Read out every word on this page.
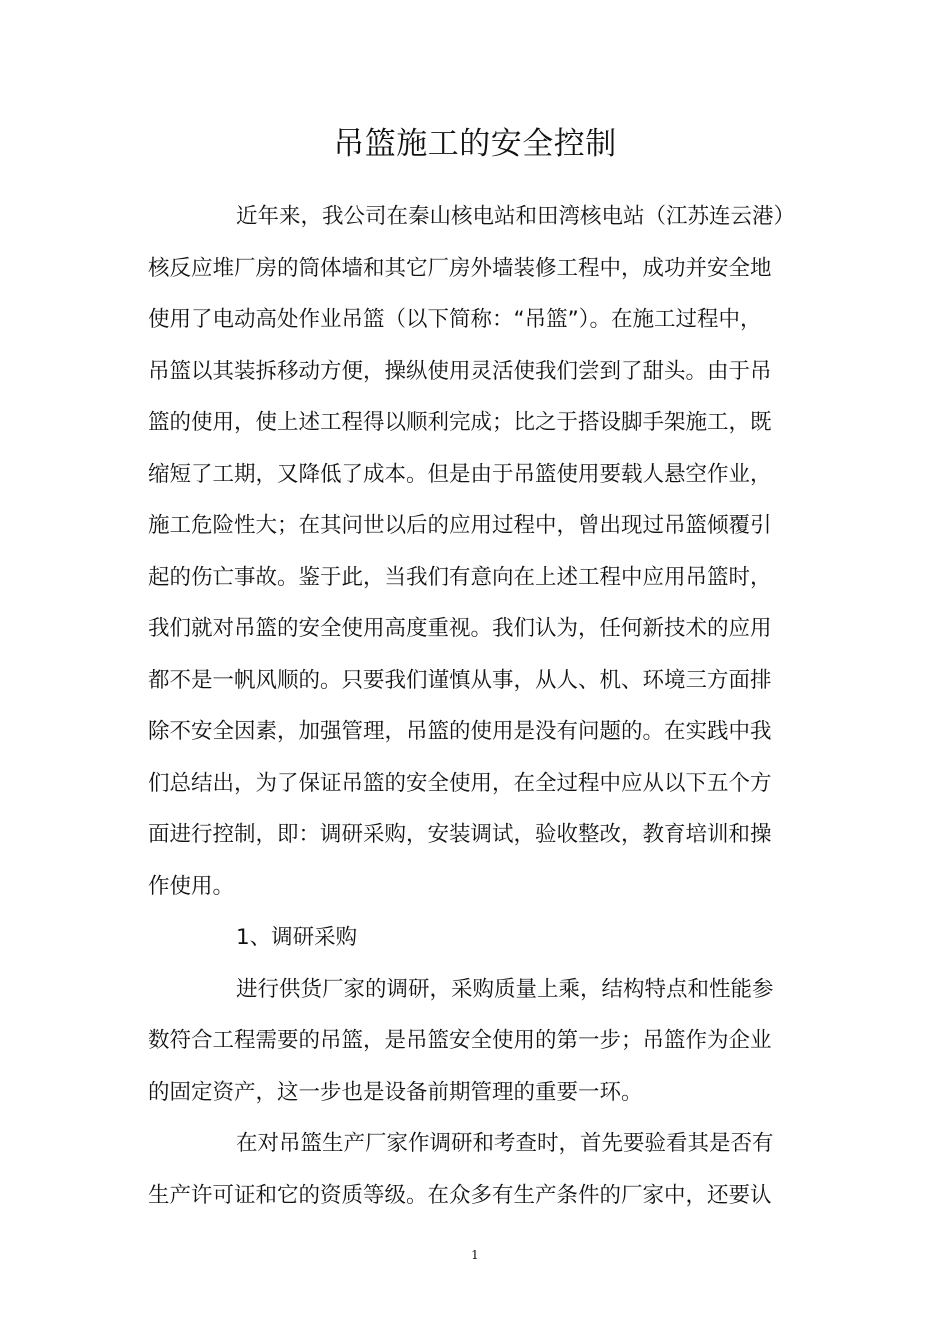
吊篮施工的安全控制
近年来，我公司在秦山核电站和田湾核电站（江苏连云港）
核反应堆厂房的筒体墙和其它厂房外墙装修工程中，成功并安全地
使用了电动高处作业吊篮（以下简称：“吊篮”）。在施工过程中，
吊篮以其装拆移动方便，操纵使用灵活使我们尝到了甜头。由于吊
篮的使用，使上述工程得以顺利完成；比之于搭设脚手架施工，既
缩短了工期，又降低了成本。但是由于吊篮使用要载人悬空作业，
施工危险性大；在其问世以后的应用过程中，曾出现过吊篮倾覆引
起的伤亡事故。鉴于此，当我们有意向在上述工程中应用吊篮时，
我们就对吊篮的安全使用高度重视。我们认为，任何新技术的应用
都不是一帆风顺的。只要我们谨慎从事，从人、机、环境三方面排
除不安全因素，加强管理，吊篮的使用是没有问题的。在实践中我
们总结出，为了保证吊篮的安全使用，在全过程中应从以下五个方
面进行控制，即：调研采购，安装调试，验收整改，教育培训和操
作使用。
1、调研采购
进行供货厂家的调研，采购质量上乘，结构特点和性能参
数符合工程需要的吊篮，是吊篮安全使用的第一步；吊篮作为企业
的固定资产，这一步也是设备前期管理的重要一环。
在对吊篮生产厂家作调研和考查时，首先要验看其是否有
生产许可证和它的资质等级。在众多有生产条件的厂家中，还要认
1
